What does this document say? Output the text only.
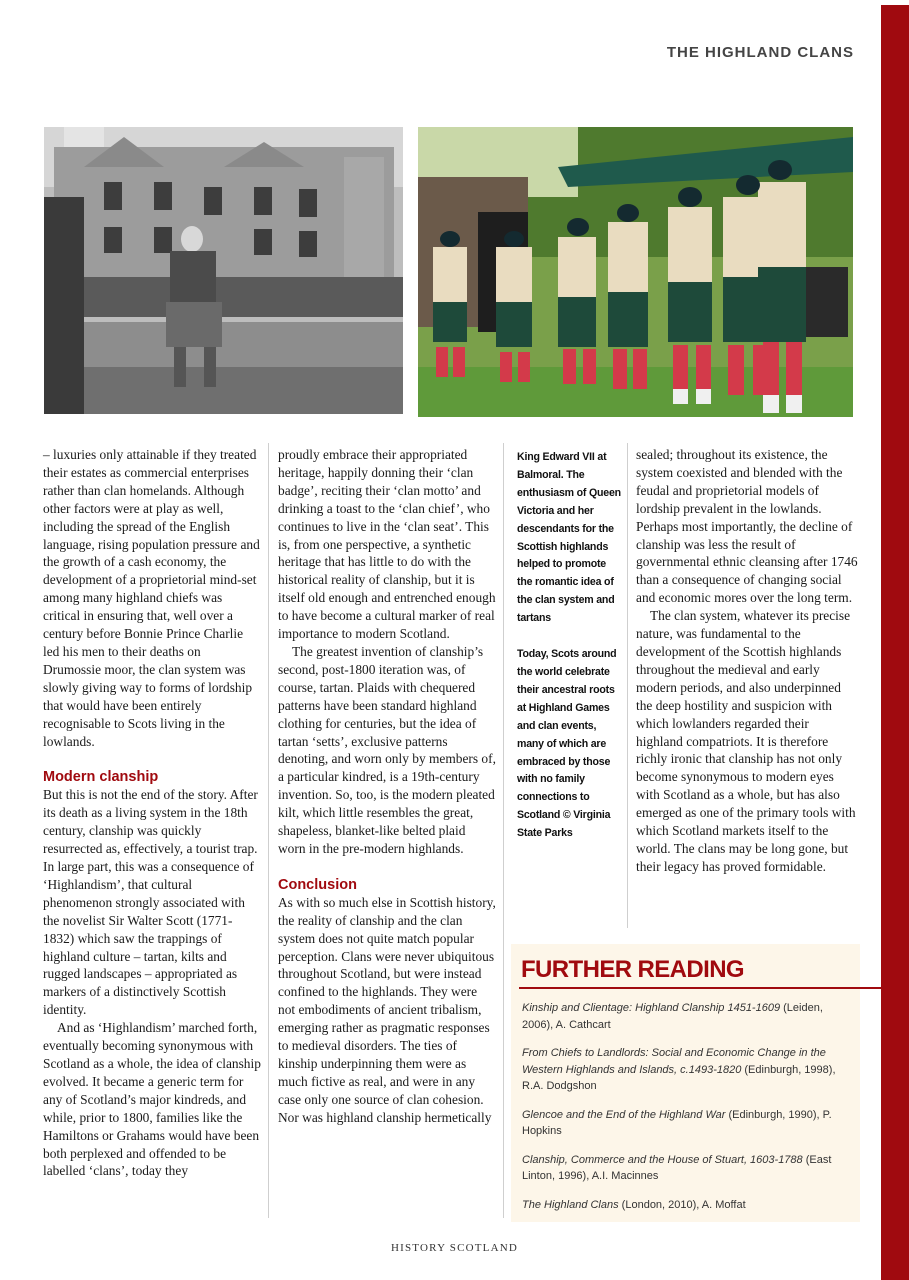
THE HIGHLAND CLANS

– luxuries only attainable if they treated their estates as commercial enterprises rather than clan homelands. Although other factors were at play as well, including the spread of the English language, rising population pressure and the growth of a cash economy, the development of a proprietorial mind-set among many highland chiefs was critical in ensuring that, well over a century before Bonnie Prince Charlie led his men to their deaths on Drumossie moor, the clan system was slowly giving way to forms of lordship that would have been entirely recognisable to Scots living in the lowlands.

Modern clanship

But this is not the end of the story. After its death as a living system in the 18th century, clanship was quickly resurrected as, effectively, a tourist trap. In large part, this was a consequence of ‘Highlandism’, that cultural phenomenon strongly associated with the novelist Sir Walter Scott (1771-1832) which saw the trappings of highland culture – tartan, kilts and rugged landscapes – appropriated as markers of a distinctively Scottish identity.

And as ‘Highlandism’ marched forth, eventually becoming synonymous with Scotland as a whole, the idea of clanship evolved. It became a generic term for any of Scotland’s major kindreds, and while, prior to 1800, families like the Hamiltons or Grahams would have been both perplexed and offended to be labelled ‘clans’, today they

proudly embrace their appropriated heritage, happily donning their ‘clan badge’, reciting their ‘clan motto’ and drinking a toast to the ‘clan chief’, who continues to live in the ‘clan seat’. This is, from one perspective, a synthetic heritage that has little to do with the historical reality of clanship, but it is itself old enough and entrenched enough to have become a cultural marker of real importance to modern Scotland.

The greatest invention of clanship’s second, post-1800 iteration was, of course, tartan. Plaids with chequered patterns have been standard highland clothing for centuries, but the idea of tartan ‘setts’, exclusive patterns denoting, and worn only by members of, a particular kindred, is a 19th-century invention. So, too, is the modern pleated kilt, which little resembles the great, shapeless, blanket-like belted plaid worn in the pre-modern highlands.

Conclusion

As with so much else in Scottish history, the reality of clanship and the clan system does not quite match popular perception. Clans were never ubiquitous throughout Scotland, but were instead confined to the highlands. They were not embodiments of ancient tribalism, emerging rather as pragmatic responses to medieval disorders. The ties of kinship underpinning them were as much fictive as real, and were in any case only one source of clan cohesion. Nor was highland clanship hermetically

King Edward VII at Balmoral. The enthusiasm of Queen Victoria and her descendants for the Scottish highlands helped to promote the romantic idea of the clan system and tartans

Today, Scots around the world celebrate their ancestral roots at Highland Games and clan events, many of which are embraced by those with no family connections to Scotland © Virginia State Parks

sealed; throughout its existence, the system coexisted and blended with the feudal and proprietorial models of lordship prevalent in the lowlands. Perhaps most importantly, the decline of clanship was less the result of governmental ethnic cleansing after 1746 than a consequence of changing social and economic mores over the long term.

The clan system, whatever its precise nature, was fundamental to the development of the Scottish highlands throughout the medieval and early modern periods, and also underpinned the deep hostility and suspicion with which lowlanders regarded their highland compatriots. It is therefore richly ironic that clanship has not only become synonymous to modern eyes with Scotland as a whole, but has also emerged as one of the primary tools with which Scotland markets itself to the world. The clans may be long gone, but their legacy has proved formidable.

FURTHER READING
Kinship and Clientage: Highland Clanship 1451-1609 (Leiden, 2006), A. Cathcart
From Chiefs to Landlords: Social and Economic Change in the Western Highlands and Islands, c.1493-1820 (Edinburgh, 1998), R.A. Dodgshon
Glencoe and the End of the Highland War (Edinburgh, 1990), P. Hopkins
Clanship, Commerce and the House of Stuart, 1603-1788 (East Linton, 1996), A.I. Macinnes
The Highland Clans (London, 2010), A. Moffat
HISTORY SCOTLAND
